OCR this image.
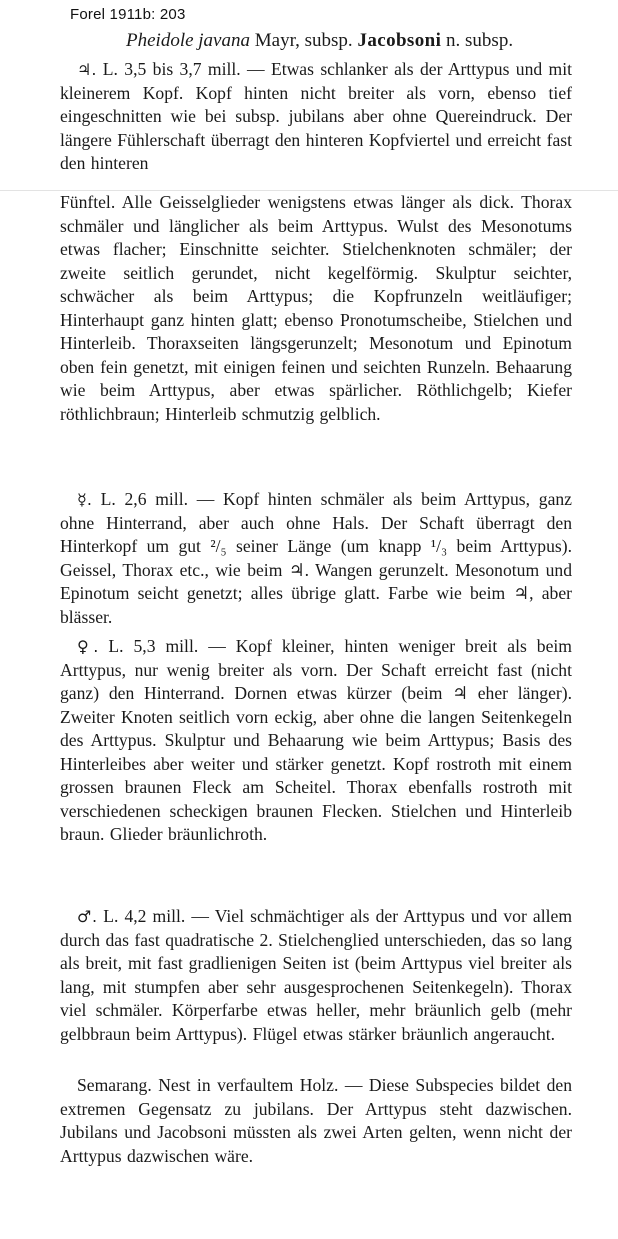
Forel 1911b: 203
Pheidole javana Mayr, subsp. Jacobsoni n. subsp.

♃. L. 3,5 bis 3,7 mill. — Etwas schlanker als der Arttypus und mit kleinerem Kopf. Kopf hinten nicht breiter als vorn, ebenso tief eingeschnitten wie bei subsp. jubilans aber ohne Quereindruck. Der längere Fühlerschaft überragt den hinteren Kopfviertel und erreicht fast den hinteren

Fünftel. Alle Geisselglieder wenigstens etwas länger als dick. Thorax schmäler und länglicher als beim Arttypus. Wulst des Mesonotums etwas flacher; Einschnitte seichter. Stielchenknoten schmäler; der zweite seitlich gerundet, nicht kegelförmig. Skulptur seichter, schwächer als beim Arttypus; die Kopfrunzeln weitläufiger; Hinterhaupt ganz hinten glatt; ebenso Pronotumscheibe, Stielchen und Hinterleib. Thoraxseiten längsgerunzelt; Mesonotum und Epinotum oben fein genetzt, mit einigen feinen und seichten Runzeln. Behaarung wie beim Arttypus, aber etwas spärlicher. Röthlichgelb; Kiefer röthlichbraun; Hinterleib schmutzig gelblich.

☿. L. 2,6 mill. — Kopf hinten schmäler als beim Arttypus, ganz ohne Hinterrand, aber auch ohne Hals. Der Schaft überragt den Hinterkopf um gut ²/₅ seiner Länge (um knapp ¹/₃ beim Arttypus). Geissel, Thorax etc., wie beim ♃. Wangen gerunzelt. Mesonotum und Epinotum seicht genetzt; alles übrige glatt. Farbe wie beim ♃, aber blässer.

♀. L. 5,3 mill. — Kopf kleiner, hinten weniger breit als beim Arttypus, nur wenig breiter als vorn. Der Schaft erreicht fast (nicht ganz) den Hinterrand. Dornen etwas kürzer (beim ♃ eher länger). Zweiter Knoten seitlich vorn eckig, aber ohne die langen Seitenkegeln des Arttypus. Skulptur und Behaarung wie beim Arttypus; Basis des Hinterleibes aber weiter und stärker genetzt. Kopf rostroth mit einem grossen braunen Fleck am Scheitel. Thorax ebenfalls rostroth mit verschiedenen scheckigen braunen Flecken. Stielchen und Hinterleib braun. Glieder bräunlichroth.

♂. L. 4,2 mill. — Viel schmächtiger als der Arttypus und vor allem durch das fast quadratische 2. Stielchenglied unterschieden, das so lang als breit, mit fast gradlienigen Seiten ist (beim Arttypus viel breiter als lang, mit stumpfen aber sehr ausgesprochenen Seitenkegeln). Thorax viel schmäler. Körperfarbe etwas heller, mehr bräunlich gelb (mehr gelbbraun beim Arttypus). Flügel etwas stärker bräunlich angeraucht.

Semarang. Nest in verfaultem Holz. — Diese Subspecies bildet den extremen Gegensatz zu jubilans. Der Arttypus steht dazwischen. Jubilans und Jacobsoni müssten als zwei Arten gelten, wenn nicht der Arttypus dazwischen wäre.
